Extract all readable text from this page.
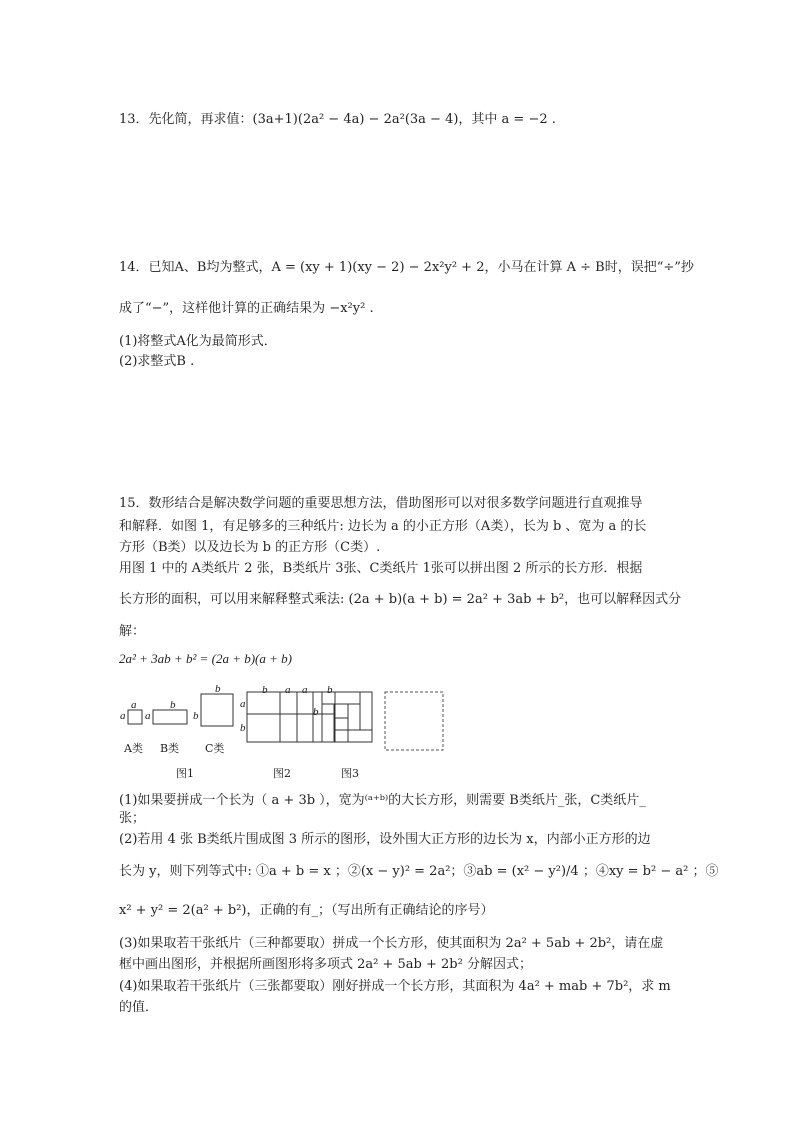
13．先化简，再求值：(3a+1)(2a² − 4a) − 2a²(3a − 4)，其中 a = −2 .
14．已知A、B均为整式，A = (xy + 1)(xy − 2) − 2x²y² + 2，小马在计算 A ÷ B时，误把“÷”抄
成了“−”，这样他计算的正确结果为 −x²y² .
(1)将整式A化为最简形式．
(2)求整式B .
15．数形结合是解决数学问题的重要思想方法，借助图形可以对很多数学问题进行直观推导
和解释．如图 1，有足够多的三种纸片: 边长为 a 的小正方形（A类），长为 b 、宽为 a 的长
方形（B类）以及边长为 b 的正方形（C类）.
用图 1 中的 A类纸片 2 张，B类纸片 3张、C类纸片 1张可以拼出图 2 所示的长方形．根据
长方形的面积，可以用来解释整式乘法: (2a + b)(a + b) = 2a² + 3ab + b²，也可以解释因式分
解：
2a² + 3ab + b² = (2a + b)(a + b)
a
a
b
a
b
b
b a a
a
b
b
b
A类 B类 C类
图1	图2	图3
(1)如果要拼成一个长为（ a + 3b ），宽为⁽ᵃ⁺ᵇ⁾的大长方形，则需要 B类纸片_张，C类纸片_
张；
(2)若用 4 张 B类纸片围成图 3 所示的图形，设外围大正方形的边长为 x，内部小正方形的边
长为 y，则下列等式中: ①a + b = x ；②(x − y)² = 2a²；③ab = (x² − y²)/4 ；④xy = b² − a² ；⑤
x² + y² = 2(a² + b²)，正确的有_；（写出所有正确结论的序号）
(3)如果取若干张纸片（三种都要取）拼成一个长方形，使其面积为 2a² + 5ab + 2b²，请在虚
框中画出图形，并根据所画图形将多项式 2a² + 5ab + 2b² 分解因式；
(4)如果取若干张纸片（三张都要取）刚好拼成一个长方形，其面积为 4a² + mab + 7b²，求 m
的值．
